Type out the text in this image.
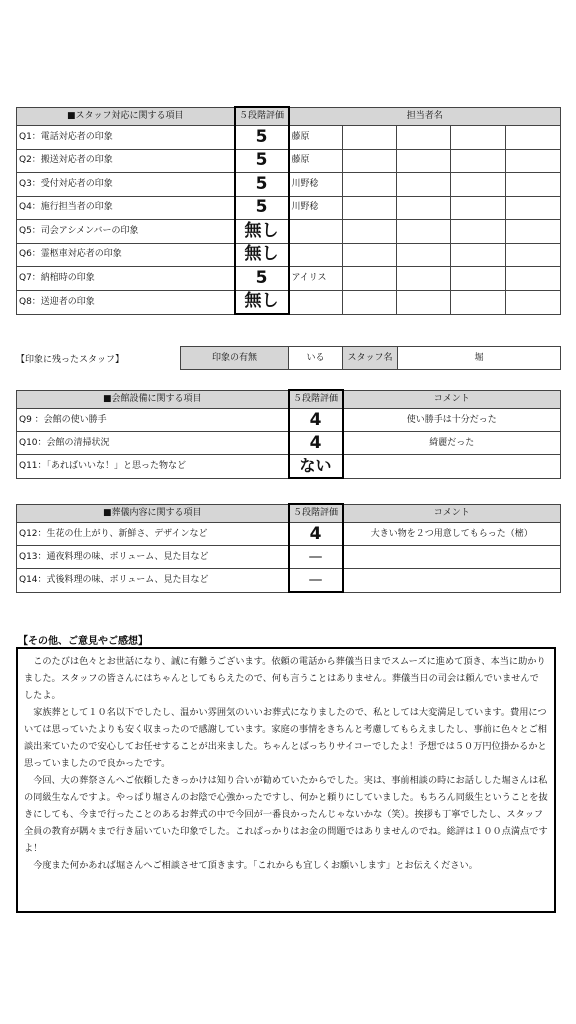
■スタッフ対応に関する項目	５段階評価	担当者名				
Q1：電話対応者の印象	5	藤原				
Q2：搬送対応者の印象	5	藤原				
Q3：受付対応者の印象	5	川野稔				
Q4：施行担当者の印象	5	川野稔				
Q5：司会アシメンバーの印象	無し					
Q6：霊柩車対応者の印象	無し					
Q7：納棺時の印象	5	アイリス				
Q8：送迎者の印象	無し					
【印象に残ったスタッフ】	印象の有無	いる	スタッフ名	堀
■会館設備に関する項目	５段階評価	コメント
Q9 ：会館の使い勝手	4	使い勝手は十分だった
Q10：会館の清掃状況	4	綺麗だった
Q11：「あればいいな！」と思った物など	ない	
■葬儀内容に関する項目	５段階評価	コメント
Q12：生花の仕上がり、新鮮さ、デザインなど	4	大きい物を２つ用意してもらった（樒）
Q13：通夜料理の味、ボリューム、見た目など	—	
Q14：式後料理の味、ボリューム、見た目など	—	
【その他、ご意見やご感想】

このたびは色々とお世話になり、誠に有難うございます。依頼の電話から葬儀当日までスムーズに進めて頂き、本当に助かりました。スタッフの皆さんにはちゃんとしてもらえたので、何も言うことはありません。葬儀当日の司会は頼んでいませんでしたよ。

家族葬として１０名以下でしたし、温かい雰囲気のいいお葬式になりましたので、私としては大変満足しています。費用については思っていたよりも安く収まったので感謝しています。家庭の事情をきちんと考慮してもらえましたし、事前に色々とご相談出来ていたので安心してお任せすることが出来ました。ちゃんとばっちりサイコーでしたよ！予想では５０万円位掛かるかと思っていましたので良かったです。

今回、大の葬祭さんへご依頼したきっかけは知り合いが勧めていたからでした。実は、事前相談の時にお話しした堀さんは私の同級生なんですよ。やっぱり堀さんのお陰で心強かったですし、何かと頼りにしていました。もちろん同級生ということを抜きにしても、今まで行ったことのあるお葬式の中で今回が一番良かったんじゃないかな（笑）。挨拶も丁寧でしたし、スタッフ全員の教育が隅々まで行き届いていた印象でした。これぱっかりはお金の問題ではありませんのでね。総評は１００点満点ですよ！

今度また何かあれば堀さんへご相談させて頂きます。「これからも宜しくお願いします」とお伝えください。
